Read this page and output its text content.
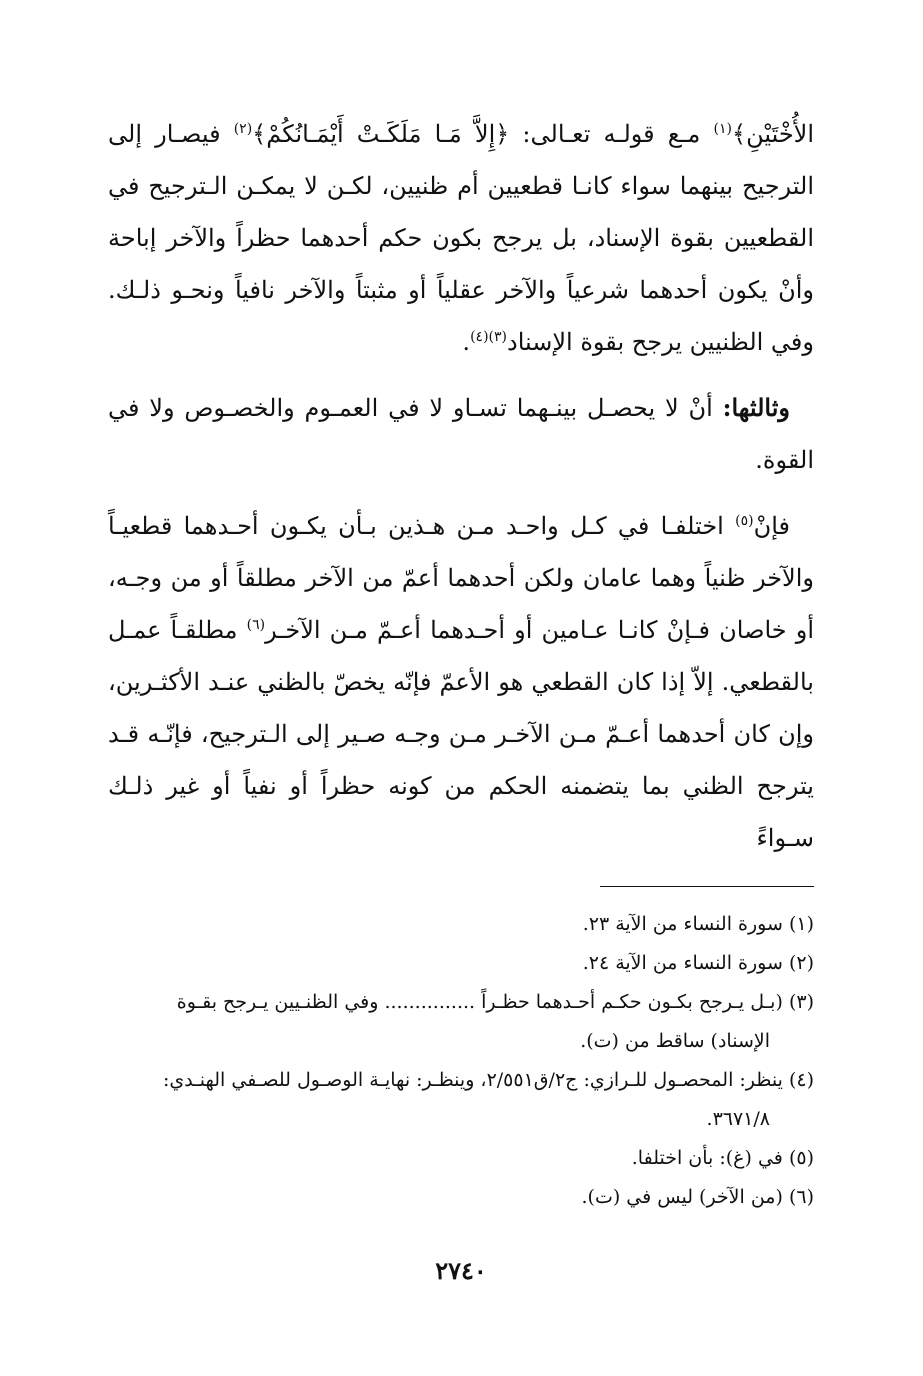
الأُخْتَيْنِ﴾$^{(١)}$ مـع قولـه تعـالى: ﴿إِلاَّ مَـا مَلَكَـتْ أَيْمَـانُكُمْ﴾$^{(٢)}$ فيصـار إلى الترجيح بينهما سواء كانـا قطعيين أم ظنيين، لكـن لا يمكـن الـترجيح في القطعيين بقوة الإسناد، بل يرجح بكون حكم أحدهما حظراً والآخر إباحة وأنْ يكون أحدهما شرعياً والآخر عقلياً أو مثبتاً والآخر نافياً ونحـو ذلـك. وفي الظنيين يرجح بقوة الإسناد$^{(٣)(٤)}$.

وثالثها: أنْ لا يحصـل بينـهما تسـاو لا في العمـوم والخصـوص ولا في القوة.

فإنْ$^{(٥)}$ اختلفـا في كـل واحـد مـن هـذين بـأن يكـون أحـدهما قطعيـاً والآخر ظنياً وهما عامان ولكن أحدهما أعمّ من الآخر مطلقاً أو من وجـه، أو خاصان فـإنْ كانـا عـامين أو أحـدهما أعـمّ مـن الآخـر$^{(٦)}$ مطلقـاً عمـل بالقطعي. إلاّ إذا كان القطعي هو الأعمّ فإنّه يخصّ بالظني عنـد الأكثـرين، وإن كان أحدهما أعـمّ مـن الآخـر مـن وجـه صـير إلى الـترجيح، فإنّـه قـد يترجح الظني بما يتضمنه الحكم من كونه حظراً أو نفياً أو غير ذلـك سـواءً

(١) سورة النساء من الآية ٢٣.
(٢) سورة النساء من الآية ٢٤.
(٣) (بـل يـرجح بكـون حكـم أحـدهما حظـراً ............... وفي الظنـيين يـرجح بقـوة
الإسناد) ساقط من (ت).
(٤) ينظر: المحصـول للـرازي: ج٢/ق٢/٥٥١، وينظـر: نهايـة الوصـول للصـفي الهنـدي:
٣٦٧١/٨.
(٥) في (غ): بأن اختلفا.
(٦) (من الآخر) ليس في (ت).
٢٧٤٠
